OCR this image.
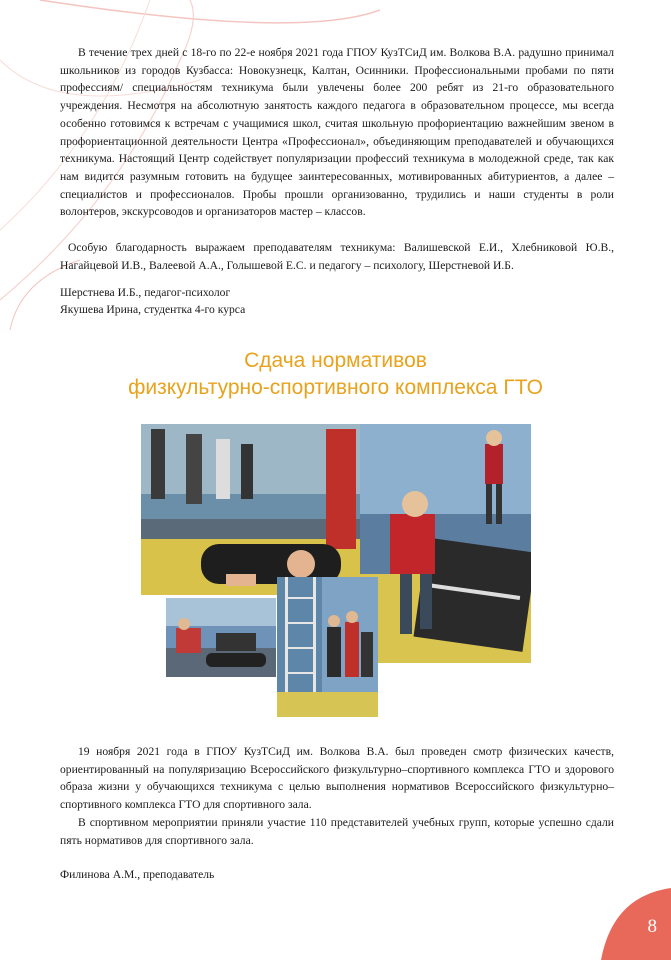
В течение трех дней с 18-го по 22-е ноября 2021 года ГПОУ КузТСиД им. Волкова В.А. радушно принимал школьников из городов Кузбасса: Новокузнецк, Калтан, Осинники. Профессиональными пробами по пяти профессиям/ специальностям техникума были увлечены более 200 ребят из 21-го образовательного учреждения. Несмотря на абсолютную занятость каждого педагога в образовательном процессе, мы всегда особенно готовимся к встречам с учащимися школ, считая школьную профориентацию важнейшим звеном в профориентационной деятельности Центра «Профессионал», объединяющим преподавателей и обучающихся техникума. Настоящий Центр содействует популяризации профессий техникума в молодежной среде, так как нам видится разумным готовить на будущее заинтересованных, мотивированных абитуриентов, а далее – специалистов и профессионалов. Пробы прошли организованно, трудились и наши студенты в роли волонтеров, экскурсоводов и организаторов мастер – классов.

Особую благодарность выражаем преподавателям техникума: Валишевской Е.И., Хлебниковой Ю.В., Нагайцевой И.В., Валеевой А.А., Голышевой Е.С. и педагогу – психологу, Шерстневой И.Б.

Шерстнева И.Б., педагог-психолог

Якушева Ирина, студентка 4-го курса

Сдача нормативов

физкультурно-спортивного комплекса ГТО

19 ноября 2021 года в ГПОУ КузТСиД им. Волкова В.А. был проведен смотр физических качеств, ориентированный на популяризацию Всероссийского физкультурно–спортивного комплекса ГТО и здорового образа жизни у обучающихся техникума с целью выполнения нормативов Всероссийского физкультурно–спортивного комплекса ГТО для спортивного зала.

В спортивном мероприятии приняли участие 110 представителей учебных групп, которые успешно сдали пять нормативов для спортивного зала.

Филинова А.М., преподаватель

8
